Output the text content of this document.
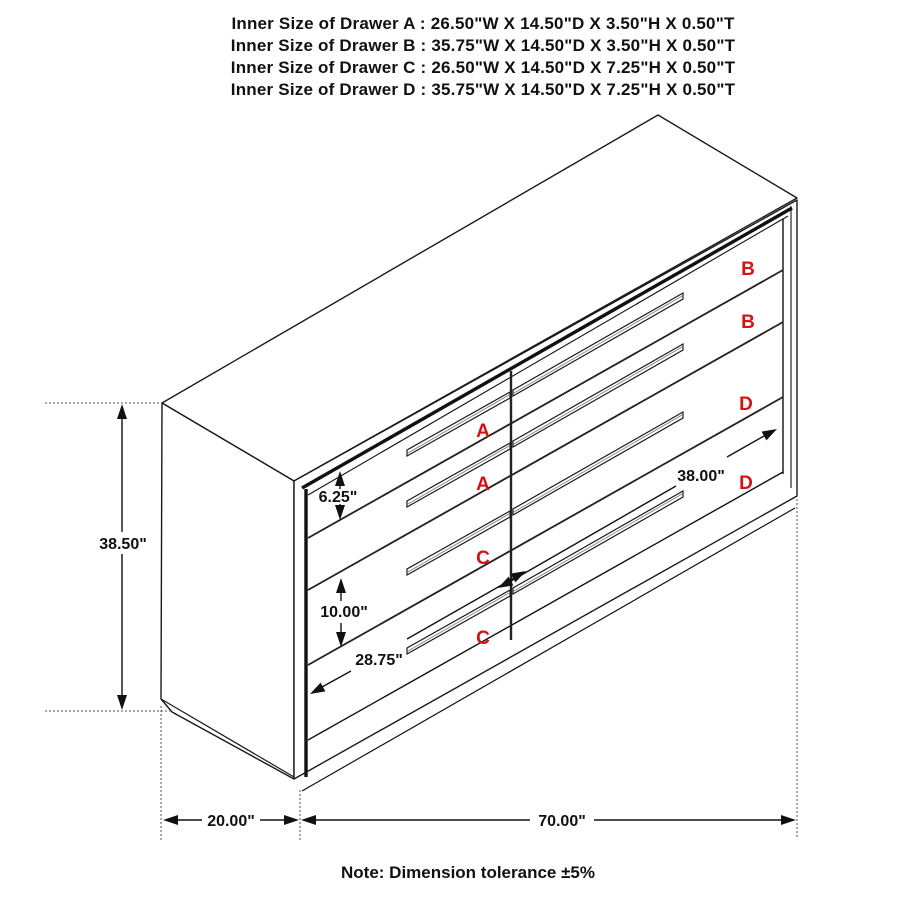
Inner Size of Drawer A : 26.50"W X 14.50"D X 3.50"H X 0.50"T
Inner Size of Drawer B : 35.75"W X 14.50"D X 3.50"H X 0.50"T
Inner Size of Drawer C : 26.50"W X 14.50"D X 7.25"H X 0.50"T
Inner Size of Drawer D : 35.75"W X 14.50"D X 7.25"H X 0.50"T
A
A
B
B
C
C
D
D
38.50"
6.25"
10.00"
28.75"
38.00"
20.00"	70.00"
Note: Dimension tolerance ±5%
